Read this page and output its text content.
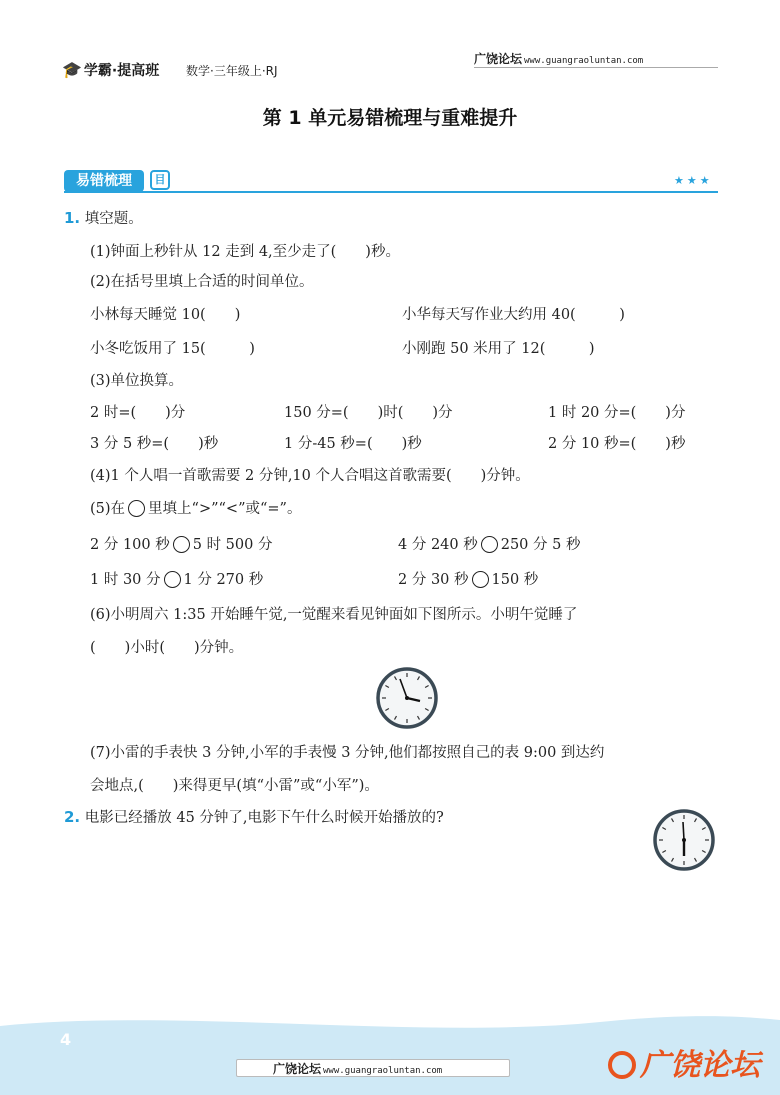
🎓 学霸·提高班 数学·三年级上·RJ
广饶论坛 www.guangraoluntan.com
第 1 单元易错梳理与重难提升
易错梳理	目	★★★
1. 填空题。
(1)钟面上秒针从 12 走到 4,至少走了(　　)秒。
(2)在括号里填上合适的时间单位。
小林每天睡觉 10(　　)	小华每天写作业大约用 40(　　　)
小冬吃饭用了 15(　　　)	小刚跑 50 米用了 12(　　　)
(3)单位换算。
2 时=(　　)分	150 分=(　　)时(　　)分	1 时 20 分=(　　)分
3 分 5 秒=(　　)秒	1 分-45 秒=(　　)秒	2 分 10 秒=(　　)秒
(4)1 个人唱一首歌需要 2 分钟,10 个人合唱这首歌需要(　　)分钟。
(5)在 里填上“>”“<”或“=”。
2 分 100 秒 5 时 500 分	4 分 240 秒 250 分 5 秒
1 时 30 分 1 分 270 秒	2 分 30 秒 150 秒
(6)小明周六 1:35 开始睡午觉,一觉醒来看见钟面如下图所示。小明午觉睡了
(　　)小时(　　)分钟。
(7)小雷的手表快 3 分钟,小军的手表慢 3 分钟,他们都按照自己的表 9:00 到达约
会地点,(　　)来得更早(填“小雷”或“小军”)。
2. 电影已经播放 45 分钟了,电影下午什么时候开始播放的?
4
广饶论坛 www.guangraoluntan.com	广饶论坛
